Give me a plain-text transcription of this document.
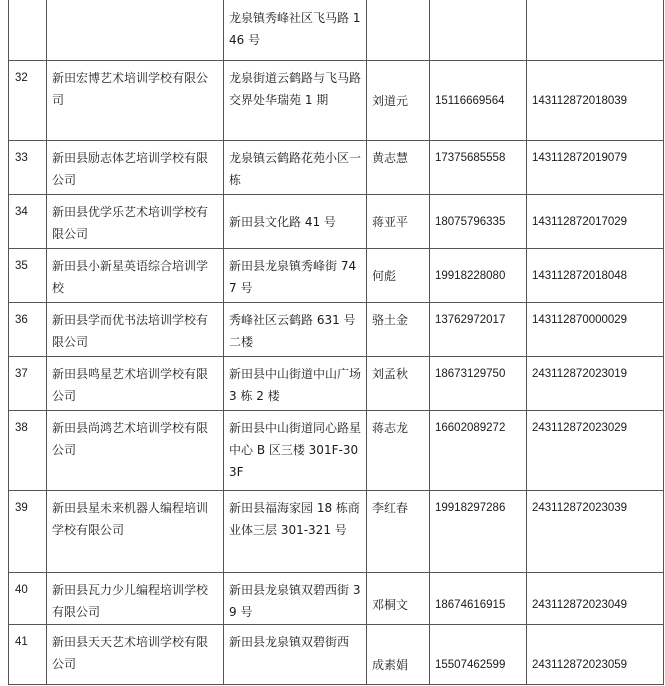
		龙泉镇秀峰社区飞马路 146 号			
32	新田宏博艺术培训学校有限公司	龙泉街道云鹤路与飞马路交界处华瑞苑 1 期	刘道元	15116669564	143112872018039
33	新田县励志体艺培训学校有限公司	龙泉镇云鹤路花苑小区一栋	黄志慧	17375685558	143112872019079
34	新田县优学乐艺术培训学校有限公司	新田县文化路 41 号	蒋亚平	18075796335	143112872017029
35	新田县小新星英语综合培训学校	新田县龙泉镇秀峰街 747 号	何彪	19918228080	143112872018048
36	新田县学而优书法培训学校有限公司	秀峰社区云鹤路 631 号二楼	骆土金	13762972017	143112870000029
37	新田县鸣星艺术培训学校有限公司	新田县中山街道中山广场 3 栋 2 楼	刘孟秋	18673129750	243112872023019
38	新田县尚鸿艺术培训学校有限公司	新田县中山街道同心路星中心 B 区三楼 301F-303F	蒋志龙	16602089272	243112872023029
39	新田县星未来机器人编程培训学校有限公司	新田县福海家园 18 栋商业体三层 301-321 号	李红春	19918297286	243112872023039
40	新田县瓦力少儿编程培训学校有限公司	新田县龙泉镇双碧西街 39 号	邓桐文	18674616915	243112872023049
41	新田县天天艺术培训学校有限公司	新田县龙泉镇双碧街西	成素娟	15507462599	243112872023059
